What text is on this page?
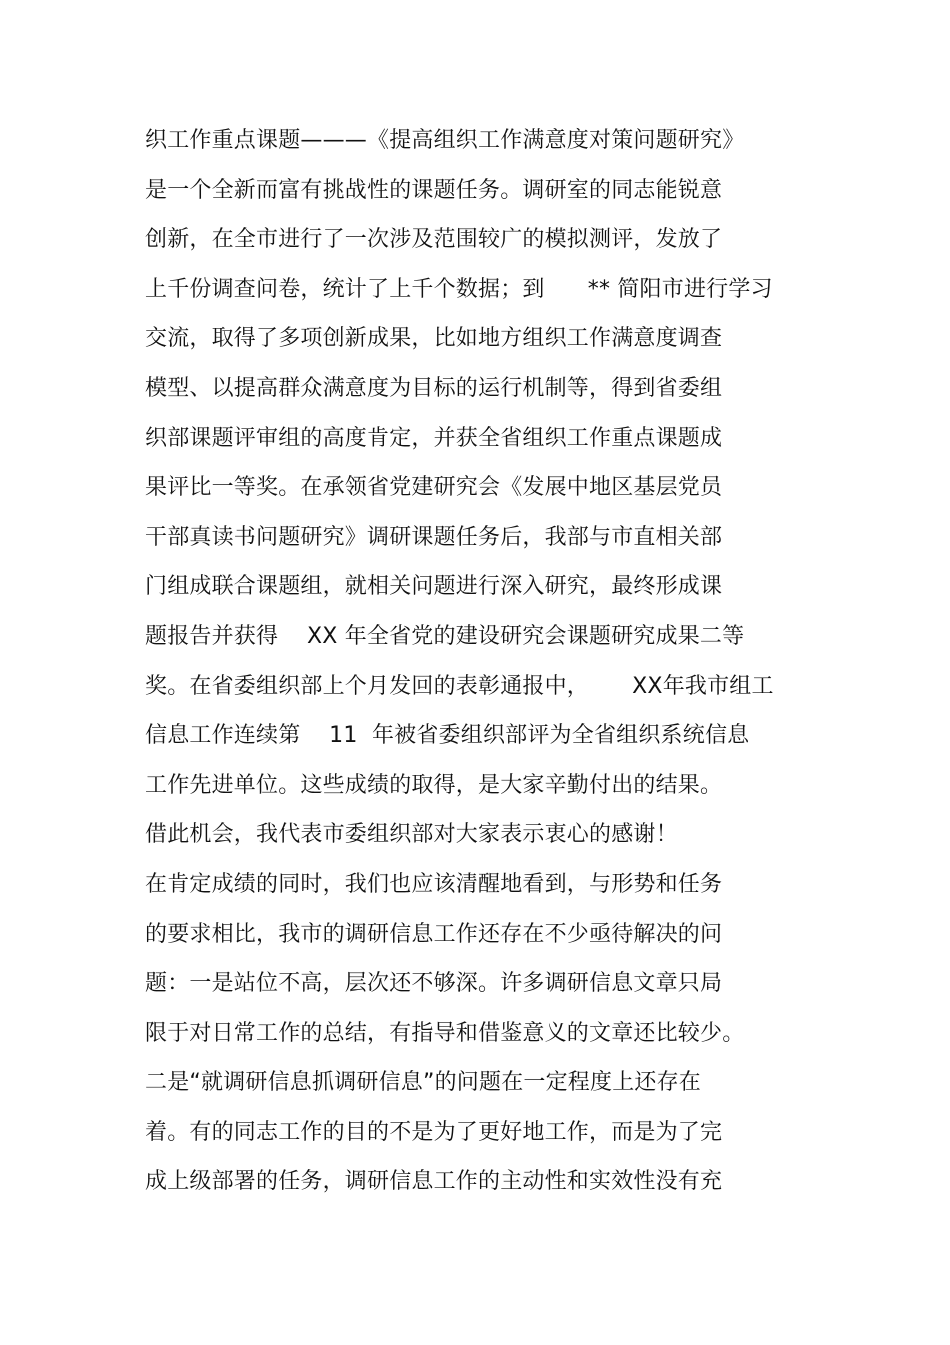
织工作重点课题———《提高组织工作满意度对策问题研究》
是一个全新而富有挑战性的课题任务。调研室的同志能锐意
创新，在全市进行了一次涉及范围较广的模拟测评，发放了
上千份调查问卷，统计了上千个数据；到      ** 简阳市进行学习
交流，取得了多项创新成果，比如地方组织工作满意度调查
模型、以提高群众满意度为目标的运行机制等，得到省委组
织部课题评审组的高度肯定，并获全省组织工作重点课题成
果评比一等奖。在承领省党建研究会《发展中地区基层党员
干部真读书问题研究》调研课题任务后，我部与市直相关部
门组成联合课题组，就相关问题进行深入研究，最终形成课
题报告并获得    XX 年全省党的建设研究会课题研究成果二等
奖。在省委组织部上个月发回的表彰通报中，      XX年我市组工
信息工作连续第    11  年被省委组织部评为全省组织系统信息
工作先进单位。这些成绩的取得，是大家辛勤付出的结果。
借此机会，我代表市委组织部对大家表示衷心的感谢！
在肯定成绩的同时，我们也应该清醒地看到，与形势和任务
的要求相比，我市的调研信息工作还存在不少亟待解决的问
题：一是站位不高，层次还不够深。许多调研信息文章只局
限于对日常工作的总结，有指导和借鉴意义的文章还比较少。
二是“就调研信息抓调研信息”的问题在一定程度上还存在
着。有的同志工作的目的不是为了更好地工作，而是为了完
成上级部署的任务，调研信息工作的主动性和实效性没有充
